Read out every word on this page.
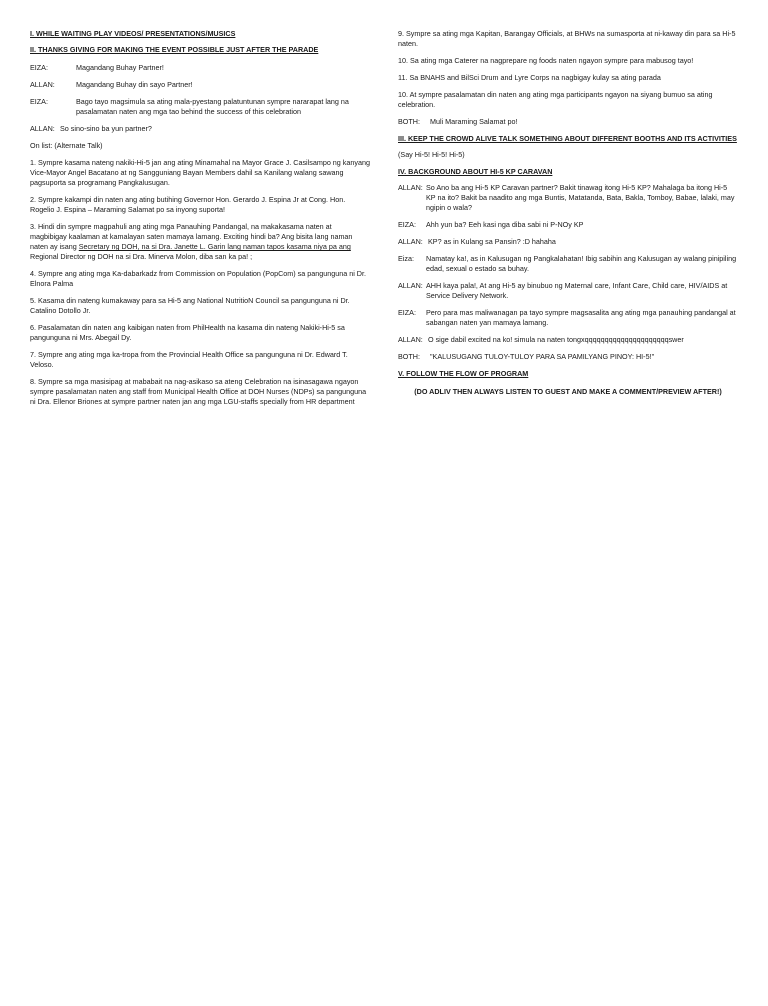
I. WHILE WAITING PLAY VIDEOS/ PRESENTATIONS/MUSICS
II. THANKS GIVING FOR MAKING THE EVENT POSSIBLE JUST AFTER THE PARADE
EIZA:	Magandang Buhay Partner!
ALLAN:	Magandang Buhay din sayo Partner!
EIZA:	Bago tayo magsimula sa ating mala-pyestang palatuntunan sympre nararapat lang na pasalamatan naten ang mga tao behind the success of this celebration
ALLAN: So sino-sino ba yun partner?

On list: (Alternate Talk)

1. Sympre kasama nateng nakiki-Hi-5 jan ang ating Minamahal na Mayor Grace J. Casilsampo ng kanyang Vice-Mayor Angel Bacatano at ng Sangguniang Bayan Members dahil sa Kanilang walang sawang pagsuporta sa programang Pangkalusugan.

2. Sympre kakampi din naten ang ating butihing Governor Hon. Gerardo J. Espina Jr at Cong. Hon. Rogelio J. Espina – Maraming Salamat po sa inyong suporta!

3. Hindi din sympre magpahuli ang ating mga Panauhing Pandangal, na makakasama naten at magbibigay kaalaman at kamalayan saten mamaya lamang. Exciting hindi ba? Ang bisita lang naman naten ay isang Secretary ng DOH, na si Dra. Janette L. Garin lang naman tapos kasama niya pa ang Regional Director ng DOH na si Dra. Minerva Molon, diba san ka pa! ;

4. Sympre ang ating mga Ka-dabarkadz from Commission on Population (PopCom) sa pangunguna ni Dr. Elnora Palma

5. Kasama din nateng kumakaway para sa Hi-5 ang National NutritioN Council sa pangunguna ni Dr. Catalino Dotollo Jr.

6. Pasalamatan din naten ang kaibigan naten from PhilHealth na kasama din nateng Nakiki-Hi-5 sa pangunguna ni Mrs. Abegail Dy.

7. Sympre ang ating mga ka-tropa from the Provincial Health Office sa pangunguna ni Dr. Edward T. Veloso.

8. Sympre sa mga masisipag at mababait na nag-asikaso sa ateng Celebration na isinasagawa ngayon sympre pasalamatan naten ang staff from Municipal Health Office at DOH Nurses (NDPs) sa pangunguna ni Dra. Ellenor Briones at sympre partner naten jan ang mga LGU-staffs specially from HR department

9. Sympre sa ating mga Kapitan, Barangay Officials, at BHWs na sumasporta at ni-kaway din para sa Hi-5 naten.

10. Sa ating mga Caterer na nagprepare ng foods naten ngayon sympre para mabusog tayo!

11. Sa BNAHS and BilSci Drum and Lyre Corps na nagbigay kulay sa ating parada

10. At sympre pasalamatan din naten ang ating mga participants ngayon na siyang bumuo sa ating celebration.

BOTH:	Muli Maraming Salamat po!
III. KEEP THE CROWD ALIVE TALK SOMETHING ABOUT DIFFERENT BOOTHS AND ITS ACTIVITIES

(Say Hi-5! Hi-5! Hi-5)

IV. BACKGROUND ABOUT HI-5 KP CARAVAN
ALLAN: So Ano ba ang Hi-5 KP Caravan partner? Bakit tinawag itong Hi-5 KP? Mahalaga ba itong Hi-5 KP na ito? Bakit ba naadito ang mga Buntis, Matatanda, Bata, Bakla, Tomboy, Babae, lalaki, may ngipin o wala?
EIZA:	Ahh yun ba? Eeh kasi nga diba sabi ni P-NOy KP
ALLAN: KP? as in Kulang sa Pansin? :D hahaha
Eiza:	Namatay ka!, as in Kalusugan ng Pangkalahatan! Ibig sabihin ang Kalusugan ay walang pinipiling edad, sexual o estado sa buhay.
ALLAN: AHH kaya pala!, At ang Hi-5 ay binubuo ng Maternal care, Infant Care, Child care, HIV/AIDS at Service Delivery Network.
EIZA:	Pero para mas maliwanagan pa tayo sympre magsasalita ang ating mga panauhing pandangal at sabangan naten yan mamaya lamang.
ALLAN: O sige dabil excited na ko! simula na naten tongxqqqqqqqqqqqqqqqqqqqqqswer
BOTH:	"KALUSUGANG TULOY-TULOY PARA SA PAMILYANG PINOY: HI-5!"
V. FOLLOW THE FLOW OF PROGRAM

(DO ADLIV THEN ALWAYS LISTEN TO GUEST AND MAKE A COMMENT/PREVIEW AFTER!)
